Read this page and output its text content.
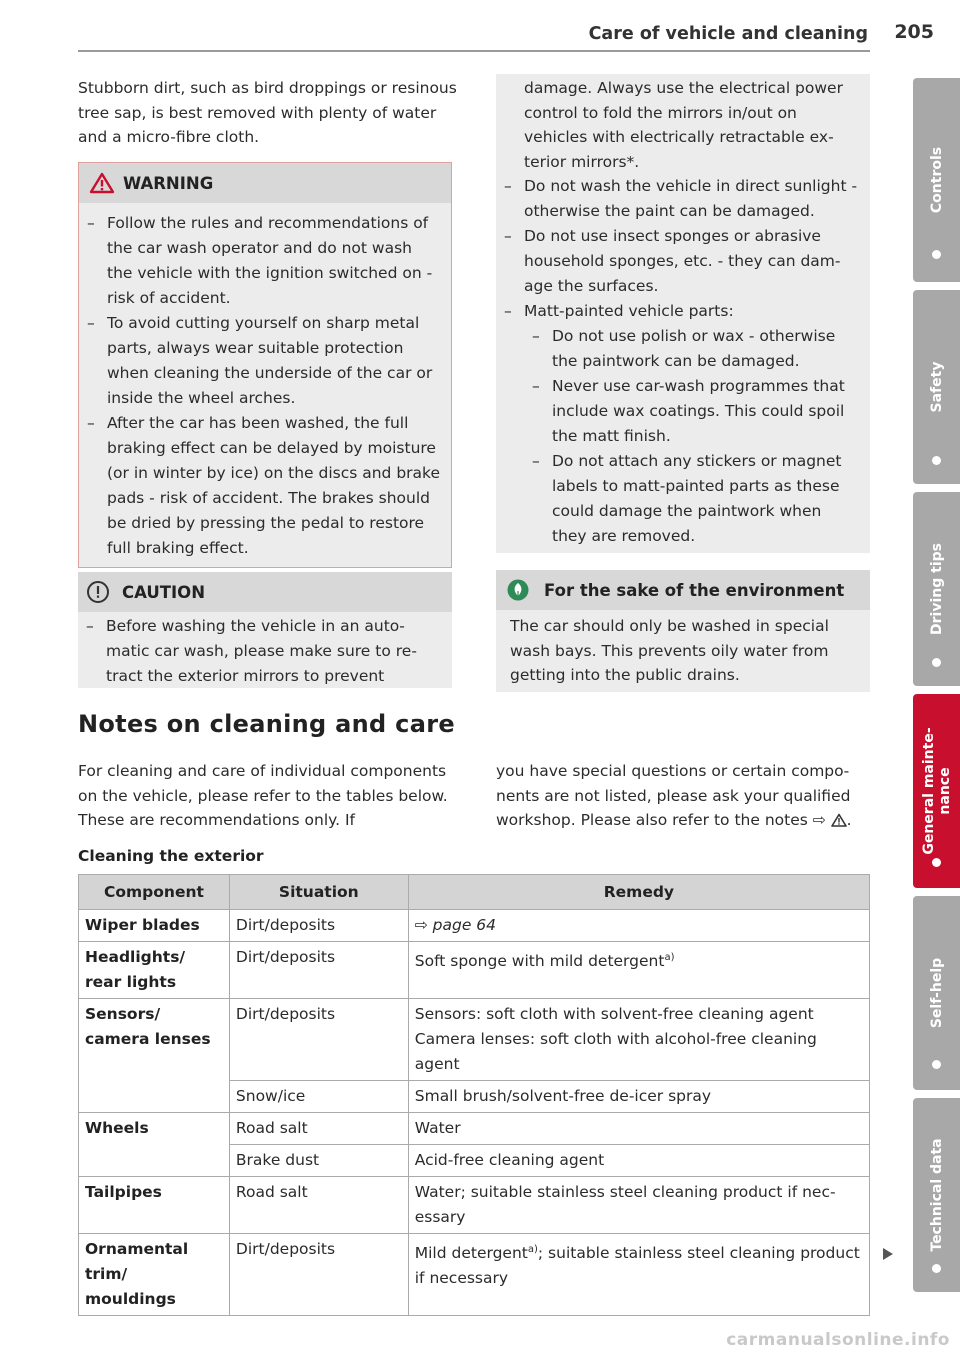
Care of vehicle and cleaning 205

Stubborn dirt, such as bird droppings or resinous tree sap, is best removed with plenty of water and a micro-fibre cloth.

WARNING
– Follow the rules and recommendations of the car wash operator and do not wash the vehicle with the ignition switched on - risk of accident.
– To avoid cutting yourself on sharp metal parts, always wear suitable protection when cleaning the underside of the car or inside the wheel arches.
– After the car has been washed, the full braking effect can be delayed by moisture (or in winter by ice) on the discs and brake pads - risk of accident. The brakes should be dried by pressing the pedal to restore full braking effect.
CAUTION
– Before washing the vehicle in an automatic car wash, please make sure to retract the exterior mirrors to prevent

damage. Always use the electrical power control to fold the mirrors in/out on vehicles with electrically retractable exterior mirrors*.

– Do not wash the vehicle in direct sunlight - otherwise the paint can be damaged.
– Do not use insect sponges or abrasive household sponges, etc. - they can damage the surfaces.
– Matt-painted vehicle parts:
– Do not use polish or wax - otherwise the paintwork can be damaged.
– Never use car-wash programmes that include wax coatings. This could spoil the matt finish.
– Do not attach any stickers or magnet labels to matt-painted parts as these could damage the paintwork when they are removed.
For the sake of the environment

The car should only be washed in special wash bays. This prevents oily water from getting into the public drains.

Notes on cleaning and care

For cleaning and care of individual components on the vehicle, please refer to the tables below. These are recommendations only. If

you have special questions or certain components are not listed, please ask your qualified workshop. Please also refer to the notes ⇨ .

Cleaning the exterior
Component	Situation	Remedy
Wiper blades	Dirt/deposits	⇨ page 64
Headlights/ rear lights	Dirt/deposits	Soft sponge with mild detergent$^{a)}$
Sensors/ camera lenses	Dirt/deposits	Sensors: soft cloth with solvent-free cleaning agent
Camera lenses: soft cloth with alcohol-free cleaning agent

	Snow/ice	Small brush/solvent-free de-icer spray
Wheels	Road salt	Water
	Brake dust	Acid-free cleaning agent
Tailpipes	Road salt	Water; suitable stainless steel cleaning product if necessary
Ornamental trim/ mouldings	Dirt/deposits	Mild detergent$^{a)}$; suitable stainless steel cleaning product if necessary
Controls
Safety
Driving tips
General maintenance
Self-help
Technical data
carmanualsonline.info
